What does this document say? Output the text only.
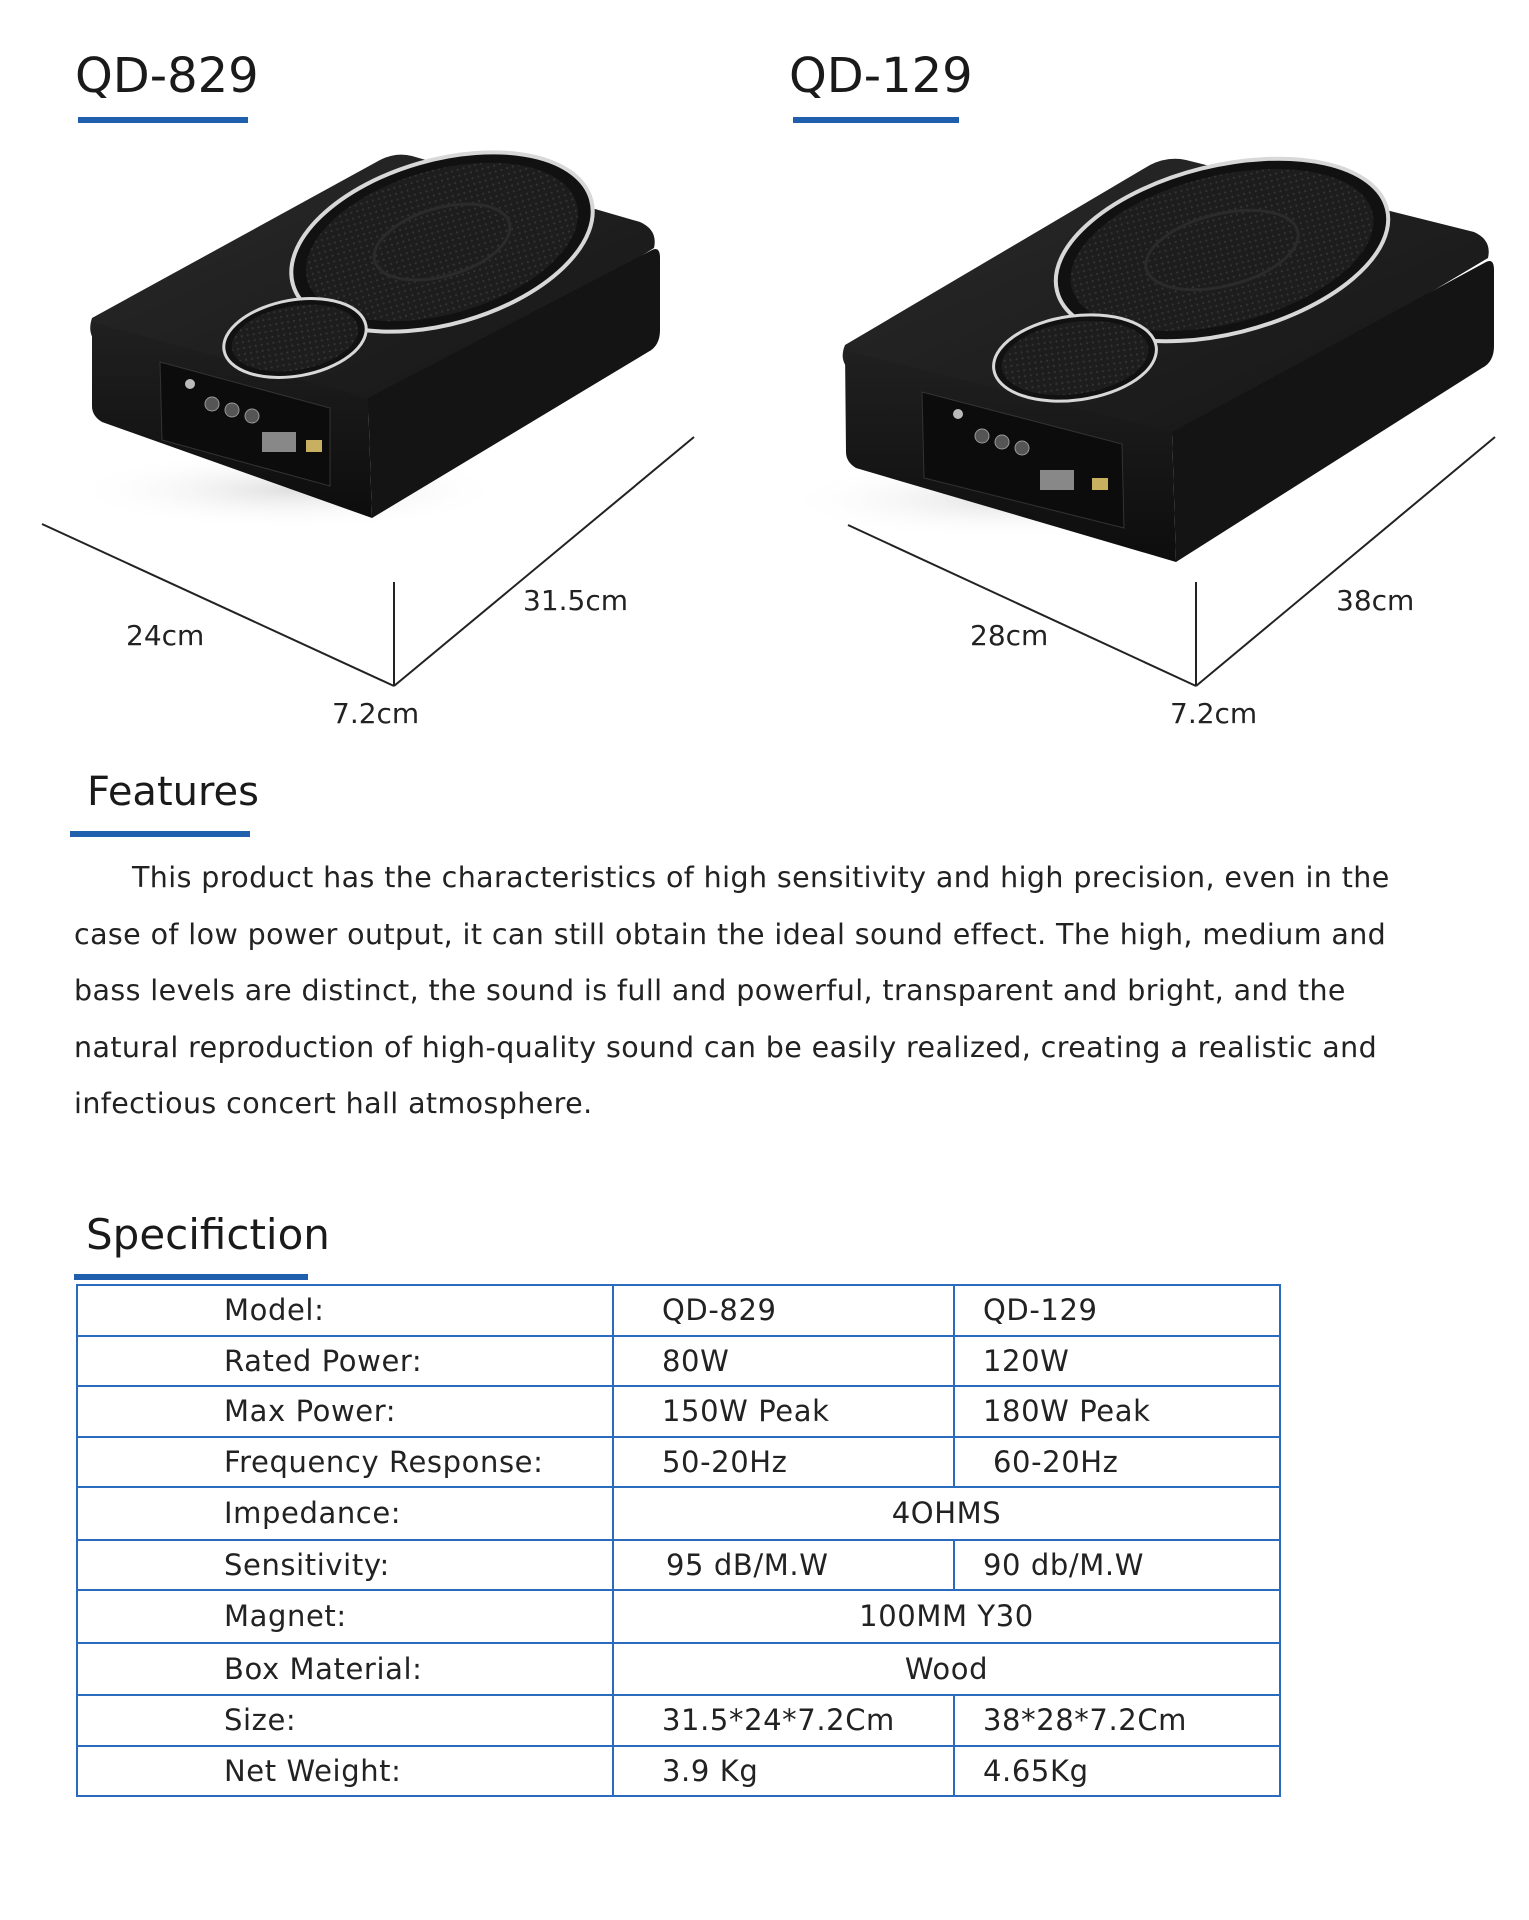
QD-829	QD-129
24cm
31.5cm
7.2cm
28cm
38cm
7.2cm
Features

This product has the characteristics of high sensitivity and high precision, even in the case of low power output, it can still obtain the ideal sound effect. The high, medium and bass levels are distinct, the sound is full and powerful, transparent and bright, and the natural reproduction of high-quality sound can be easily realized, creating a realistic and infectious concert hall atmosphere.

Specifiction
Model:	QD-829	QD-129
Rated Power:	80W	120W
Max Power:	150W Peak	180W Peak
Frequency Response:	50-20Hz	60-20Hz
Impedance:	4OHMS	
Sensitivity:	95 dB/M.W	90 db/M.W
Magnet:	100MM Y30	
Box Material:	Wood	
Size:	31.5*24*7.2Cm	38*28*7.2Cm
Net Weight:	3.9 Kg	4.65Kg
